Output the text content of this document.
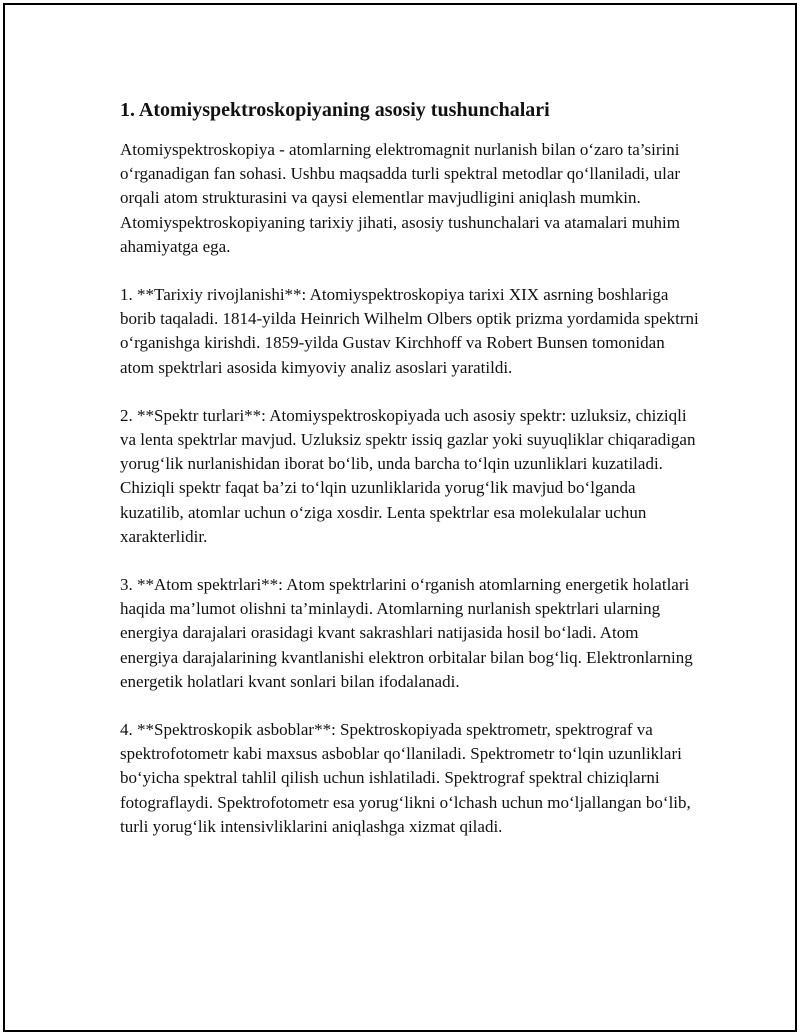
1. Atomiyspektroskopiyaning asosiy tushunchalari

Atomiyspektroskopiya - atomlarning elektromagnit nurlanish bilan o‘zaro ta’sirini o‘rganadigan fan sohasi. Ushbu maqsadda turli spektral metodlar qo‘llaniladi, ular orqali atom strukturasini va qaysi elementlar mavjudligini aniqlash mumkin. Atomiyspektroskopiyaning tarixiy jihati, asosiy tushunchalari va atamalari muhim ahamiyatga ega.

1. **Tarixiy rivojlanishi**: Atomiyspektroskopiya tarixi XIX asrning boshlariga borib taqaladi. 1814-yilda Heinrich Wilhelm Olbers optik prizma yordamida spektrni o‘rganishga kirishdi. 1859-yilda Gustav Kirchhoff va Robert Bunsen tomonidan atom spektrlari asosida kimyoviy analiz asoslari yaratildi.

2. **Spektr turlari**: Atomiyspektroskopiyada uch asosiy spektr: uzluksiz, chiziqli va lenta spektrlar mavjud. Uzluksiz spektr issiq gazlar yoki suyuqliklar chiqaradigan yorug‘lik nurlanishidan iborat bo‘lib, unda barcha to‘lqin uzunliklari kuzatiladi. Chiziqli spektr faqat ba’zi to‘lqin uzunliklarida yorug‘lik mavjud bo‘lganda kuzatilib, atomlar uchun o‘ziga xosdir. Lenta spektrlar esa molekulalar uchun xarakterlidir.

3. **Atom spektrlari**: Atom spektrlarini o‘rganish atomlarning energetik holatlari haqida ma’lumot olishni ta’minlaydi. Atomlarning nurlanish spektrlari ularning energiya darajalari orasidagi kvant sakrashlari natijasida hosil bo‘ladi. Atom energiya darajalarining kvantlanishi elektron orbitalar bilan bog‘liq. Elektronlarning energetik holatlari kvant sonlari bilan ifodalanadi.

4. **Spektroskopik asboblar**: Spektroskopiyada spektrometr, spektrograf va spektrofotometr kabi maxsus asboblar qo‘llaniladi. Spektrometr to‘lqin uzunliklari bo‘yicha spektral tahlil qilish uchun ishlatiladi. Spektrograf spektral chiziqlarni fotograflaydi. Spektrofotometr esa yorug‘likni o‘lchash uchun mo‘ljallangan bo‘lib, turli yorug‘lik intensivliklarini aniqlashga xizmat qiladi.
